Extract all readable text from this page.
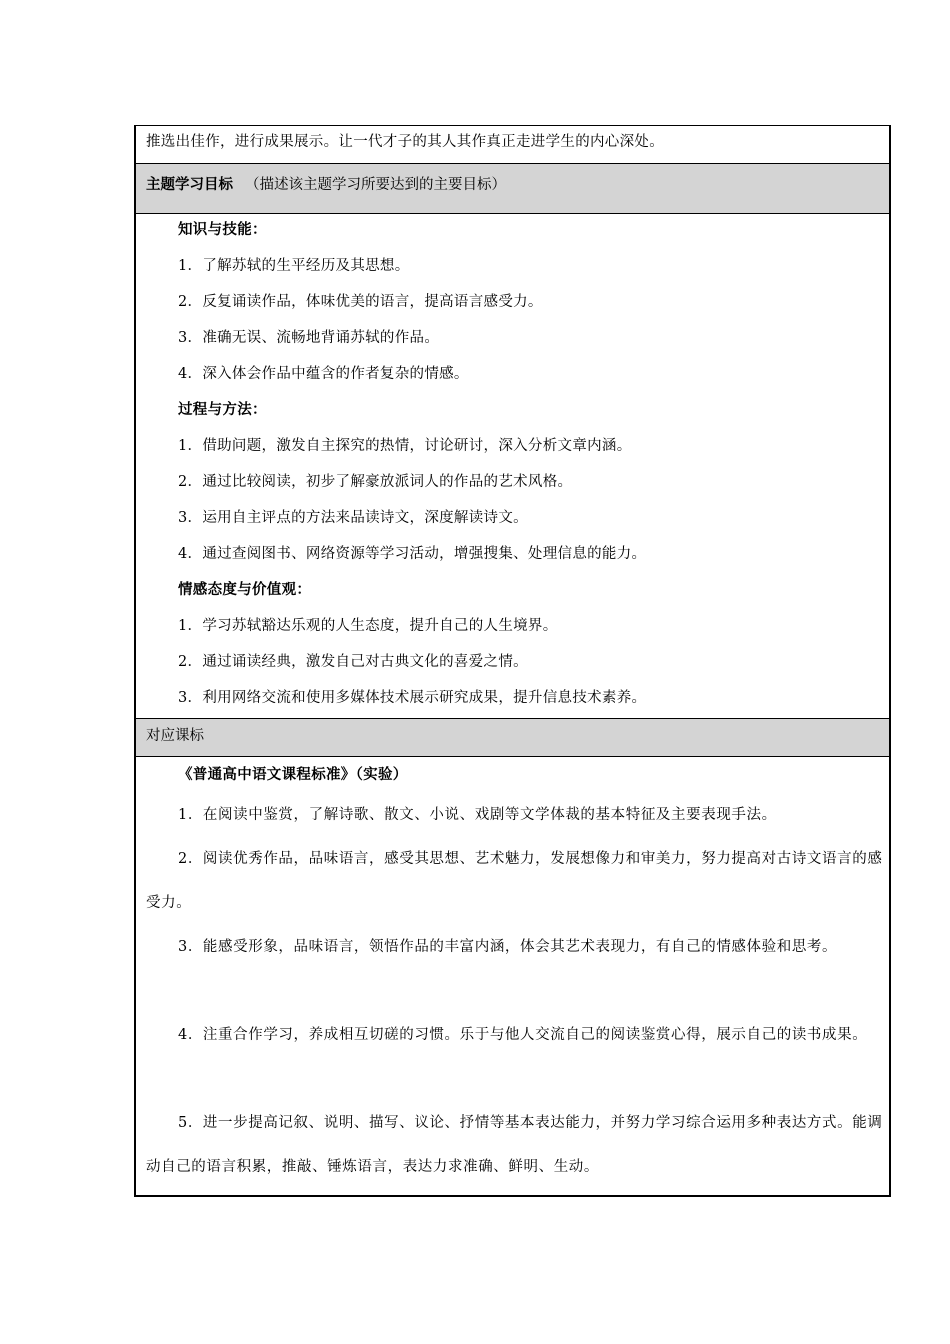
推选出佳作，进行成果展示。让一代才子的其人其作真正走进学生的内心深处。
主题学习目标 （描述该主题学习所要达到的主要目标）
知识与技能：
1．了解苏轼的生平经历及其思想。
2．反复诵读作品，体味优美的语言，提高语言感受力。
3．准确无误、流畅地背诵苏轼的作品。
4．深入体会作品中蕴含的作者复杂的情感。
过程与方法：
1．借助问题，激发自主探究的热情，讨论研讨，深入分析文章内涵。
2．通过比较阅读，初步了解豪放派词人的作品的艺术风格。
3．运用自主评点的方法来品读诗文，深度解读诗文。
4．通过查阅图书、网络资源等学习活动，增强搜集、处理信息的能力。
情感态度与价值观：
1．学习苏轼豁达乐观的人生态度，提升自己的人生境界。
2．通过诵读经典，激发自己对古典文化的喜爱之情。
3．利用网络交流和使用多媒体技术展示研究成果，提升信息技术素养。
对应课标
《普通高中语文课程标准》（实验）
1．在阅读中鉴赏，了解诗歌、散文、小说、戏剧等文学体裁的基本特征及主要表现手法。
2．阅读优秀作品，品味语言，感受其思想、艺术魅力，发展想像力和审美力，努力提高对古诗文语言的感受力。
3．能感受形象，品味语言，领悟作品的丰富内涵，体会其艺术表现力，有自己的情感体验和思考。
4．注重合作学习，养成相互切磋的习惯。乐于与他人交流自己的阅读鉴赏心得，展示自己的读书成果。
5．进一步提高记叙、说明、描写、议论、抒情等基本表达能力，并努力学习综合运用多种表达方式。能调动自己的语言积累，推敲、锤炼语言，表达力求准确、鲜明、生动。
